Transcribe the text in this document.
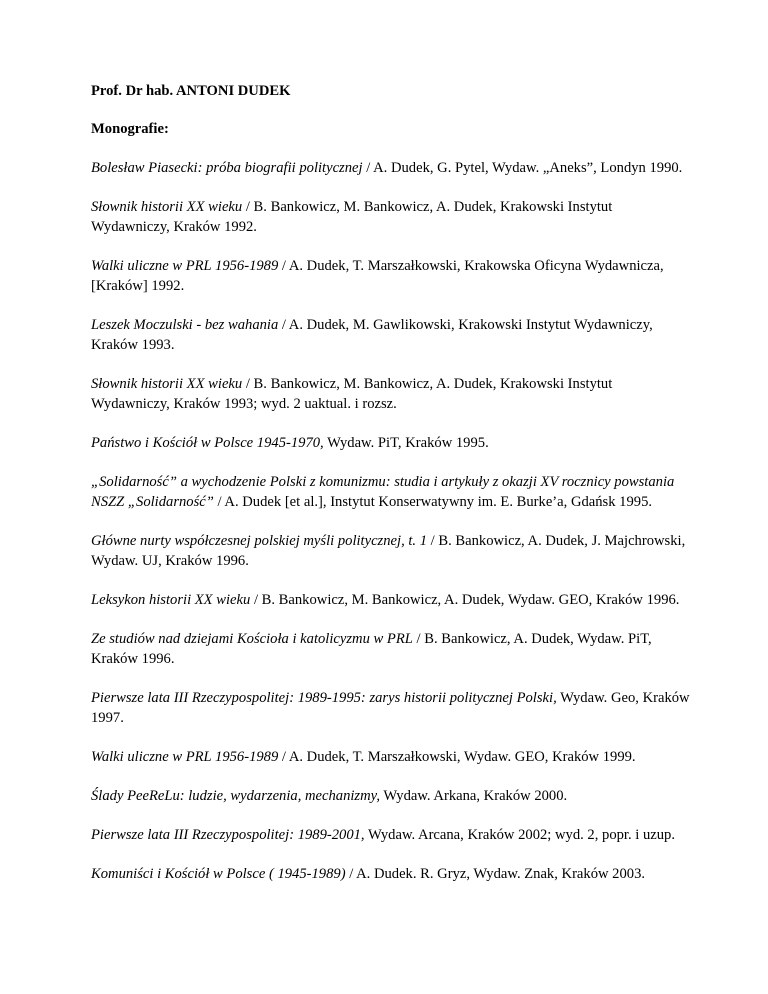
Prof. Dr hab. ANTONI DUDEK

Monografie:

Bolesław Piasecki: próba biografii politycznej / A. Dudek, G. Pytel, Wydaw. „Aneks”, Londyn 1990.

Słownik historii XX wieku / B. Bankowicz, M. Bankowicz, A. Dudek, Krakowski Instytut Wydawniczy, Kraków 1992.

Walki uliczne w PRL 1956-1989 / A. Dudek, T. Marszałkowski, Krakowska Oficyna Wydawnicza, [Kraków] 1992.

Leszek Moczulski - bez wahania / A. Dudek, M. Gawlikowski, Krakowski Instytut Wydawniczy, Kraków 1993.

Słownik historii XX wieku / B. Bankowicz, M. Bankowicz, A. Dudek, Krakowski Instytut Wydawniczy, Kraków 1993; wyd. 2 uaktual. i rozsz.

Państwo i Kościół w Polsce 1945-1970, Wydaw. PiT, Kraków 1995.

„Solidarność” a wychodzenie Polski z komunizmu: studia i artykuły z okazji XV rocznicy powstania NSZZ „Solidarność” / A. Dudek [et al.], Instytut Konserwatywny im. E. Burke’a, Gdańsk 1995.

Główne nurty współczesnej polskiej myśli politycznej, t. 1 / B. Bankowicz, A. Dudek, J. Majchrowski, Wydaw. UJ, Kraków 1996.

Leksykon historii XX wieku / B. Bankowicz, M. Bankowicz, A. Dudek, Wydaw. GEO, Kraków 1996.

Ze studiów nad dziejami Kościoła i katolicyzmu w PRL / B. Bankowicz, A. Dudek, Wydaw. PiT, Kraków 1996.

Pierwsze lata III Rzeczypospolitej: 1989-1995: zarys historii politycznej Polski, Wydaw. Geo, Kraków 1997.

Walki uliczne w PRL 1956-1989 / A. Dudek, T. Marszałkowski, Wydaw. GEO, Kraków 1999.

Ślady PeeReLu: ludzie, wydarzenia, mechanizmy, Wydaw. Arkana, Kraków 2000.

Pierwsze lata III Rzeczypospolitej: 1989-2001, Wydaw. Arcana, Kraków 2002; wyd. 2, popr. i uzup.

Komuniści i Kościół w Polsce ( 1945-1989) / A. Dudek. R. Gryz, Wydaw. Znak, Kraków 2003.
